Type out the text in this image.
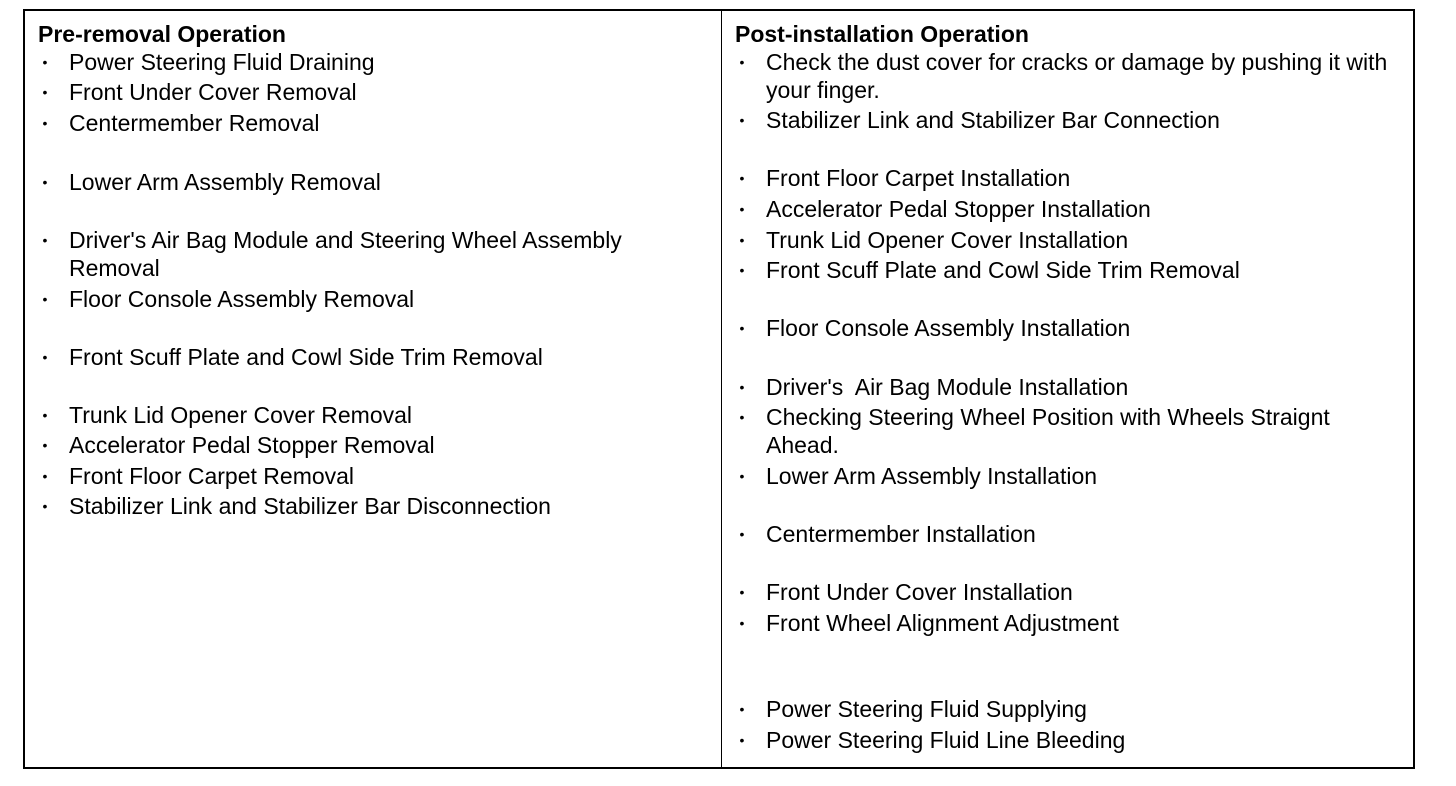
Pre-removal Operation
• Power Steering Fluid Draining
• Front Under Cover Removal
• Centermember Removal
• Lower Arm Assembly Removal
• Driver's Air Bag Module and Steering Wheel Assembly Removal
• Floor Console Assembly Removal
• Front Scuff Plate and Cowl Side Trim Removal
• Trunk Lid Opener Cover Removal
• Accelerator Pedal Stopper Removal
• Front Floor Carpet Removal
• Stabilizer Link and Stabilizer Bar Disconnection
Post-installation Operation
• Check the dust cover for cracks or damage by pushing it with your finger.
• Stabilizer Link and Stabilizer Bar Connection
• Front Floor Carpet Installation
• Accelerator Pedal Stopper Installation
• Trunk Lid Opener Cover Installation
• Front Scuff Plate and Cowl Side Trim Removal
• Floor Console Assembly Installation
• Driver's  Air Bag Module Installation
• Checking Steering Wheel Position with Wheels Straignt Ahead.
• Lower Arm Assembly Installation
• Centermember Installation
• Front Under Cover Installation
• Front Wheel Alignment Adjustment
• Power Steering Fluid Supplying
• Power Steering Fluid Line Bleeding
